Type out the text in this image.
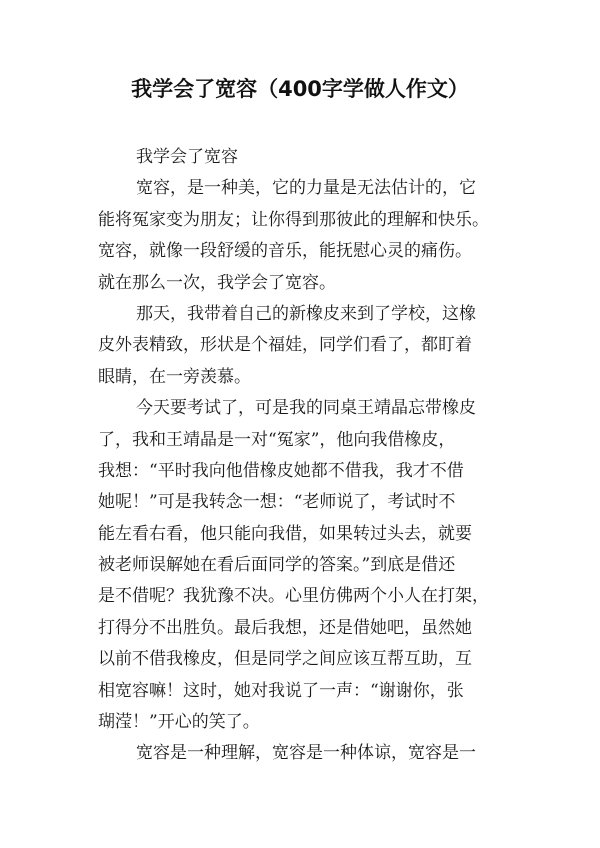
我学会了宽容（400字学做人作文）
我学会了宽容
宽容，是一种美，它的力量是无法估计的，它
能将冤家变为朋友；让你得到那彼此的理解和快乐。
宽容，就像一段舒缓的音乐，能抚慰心灵的痛伤。
就在那么一次，我学会了宽容。
那天，我带着自己的新橡皮来到了学校，这橡
皮外表精致，形状是个福娃，同学们看了，都盯着
眼睛，在一旁羡慕。
今天要考试了，可是我的同桌王靖晶忘带橡皮
了，我和王靖晶是一对“冤家”，他向我借橡皮，
我想：“平时我向他借橡皮她都不借我，我才不借
她呢！”可是我转念一想：“老师说了，考试时不
能左看右看，他只能向我借，如果转过头去，就要
被老师误解她在看后面同学的答案。”到底是借还
是不借呢？我犹豫不决。心里仿佛两个小人在打架，
打得分不出胜负。最后我想，还是借她吧，虽然她
以前不借我橡皮，但是同学之间应该互帮互助，互
相宽容嘛！这时，她对我说了一声：“谢谢你，张
瑚滢！”开心的笑了。
宽容是一种理解，宽容是一种体谅，宽容是一
